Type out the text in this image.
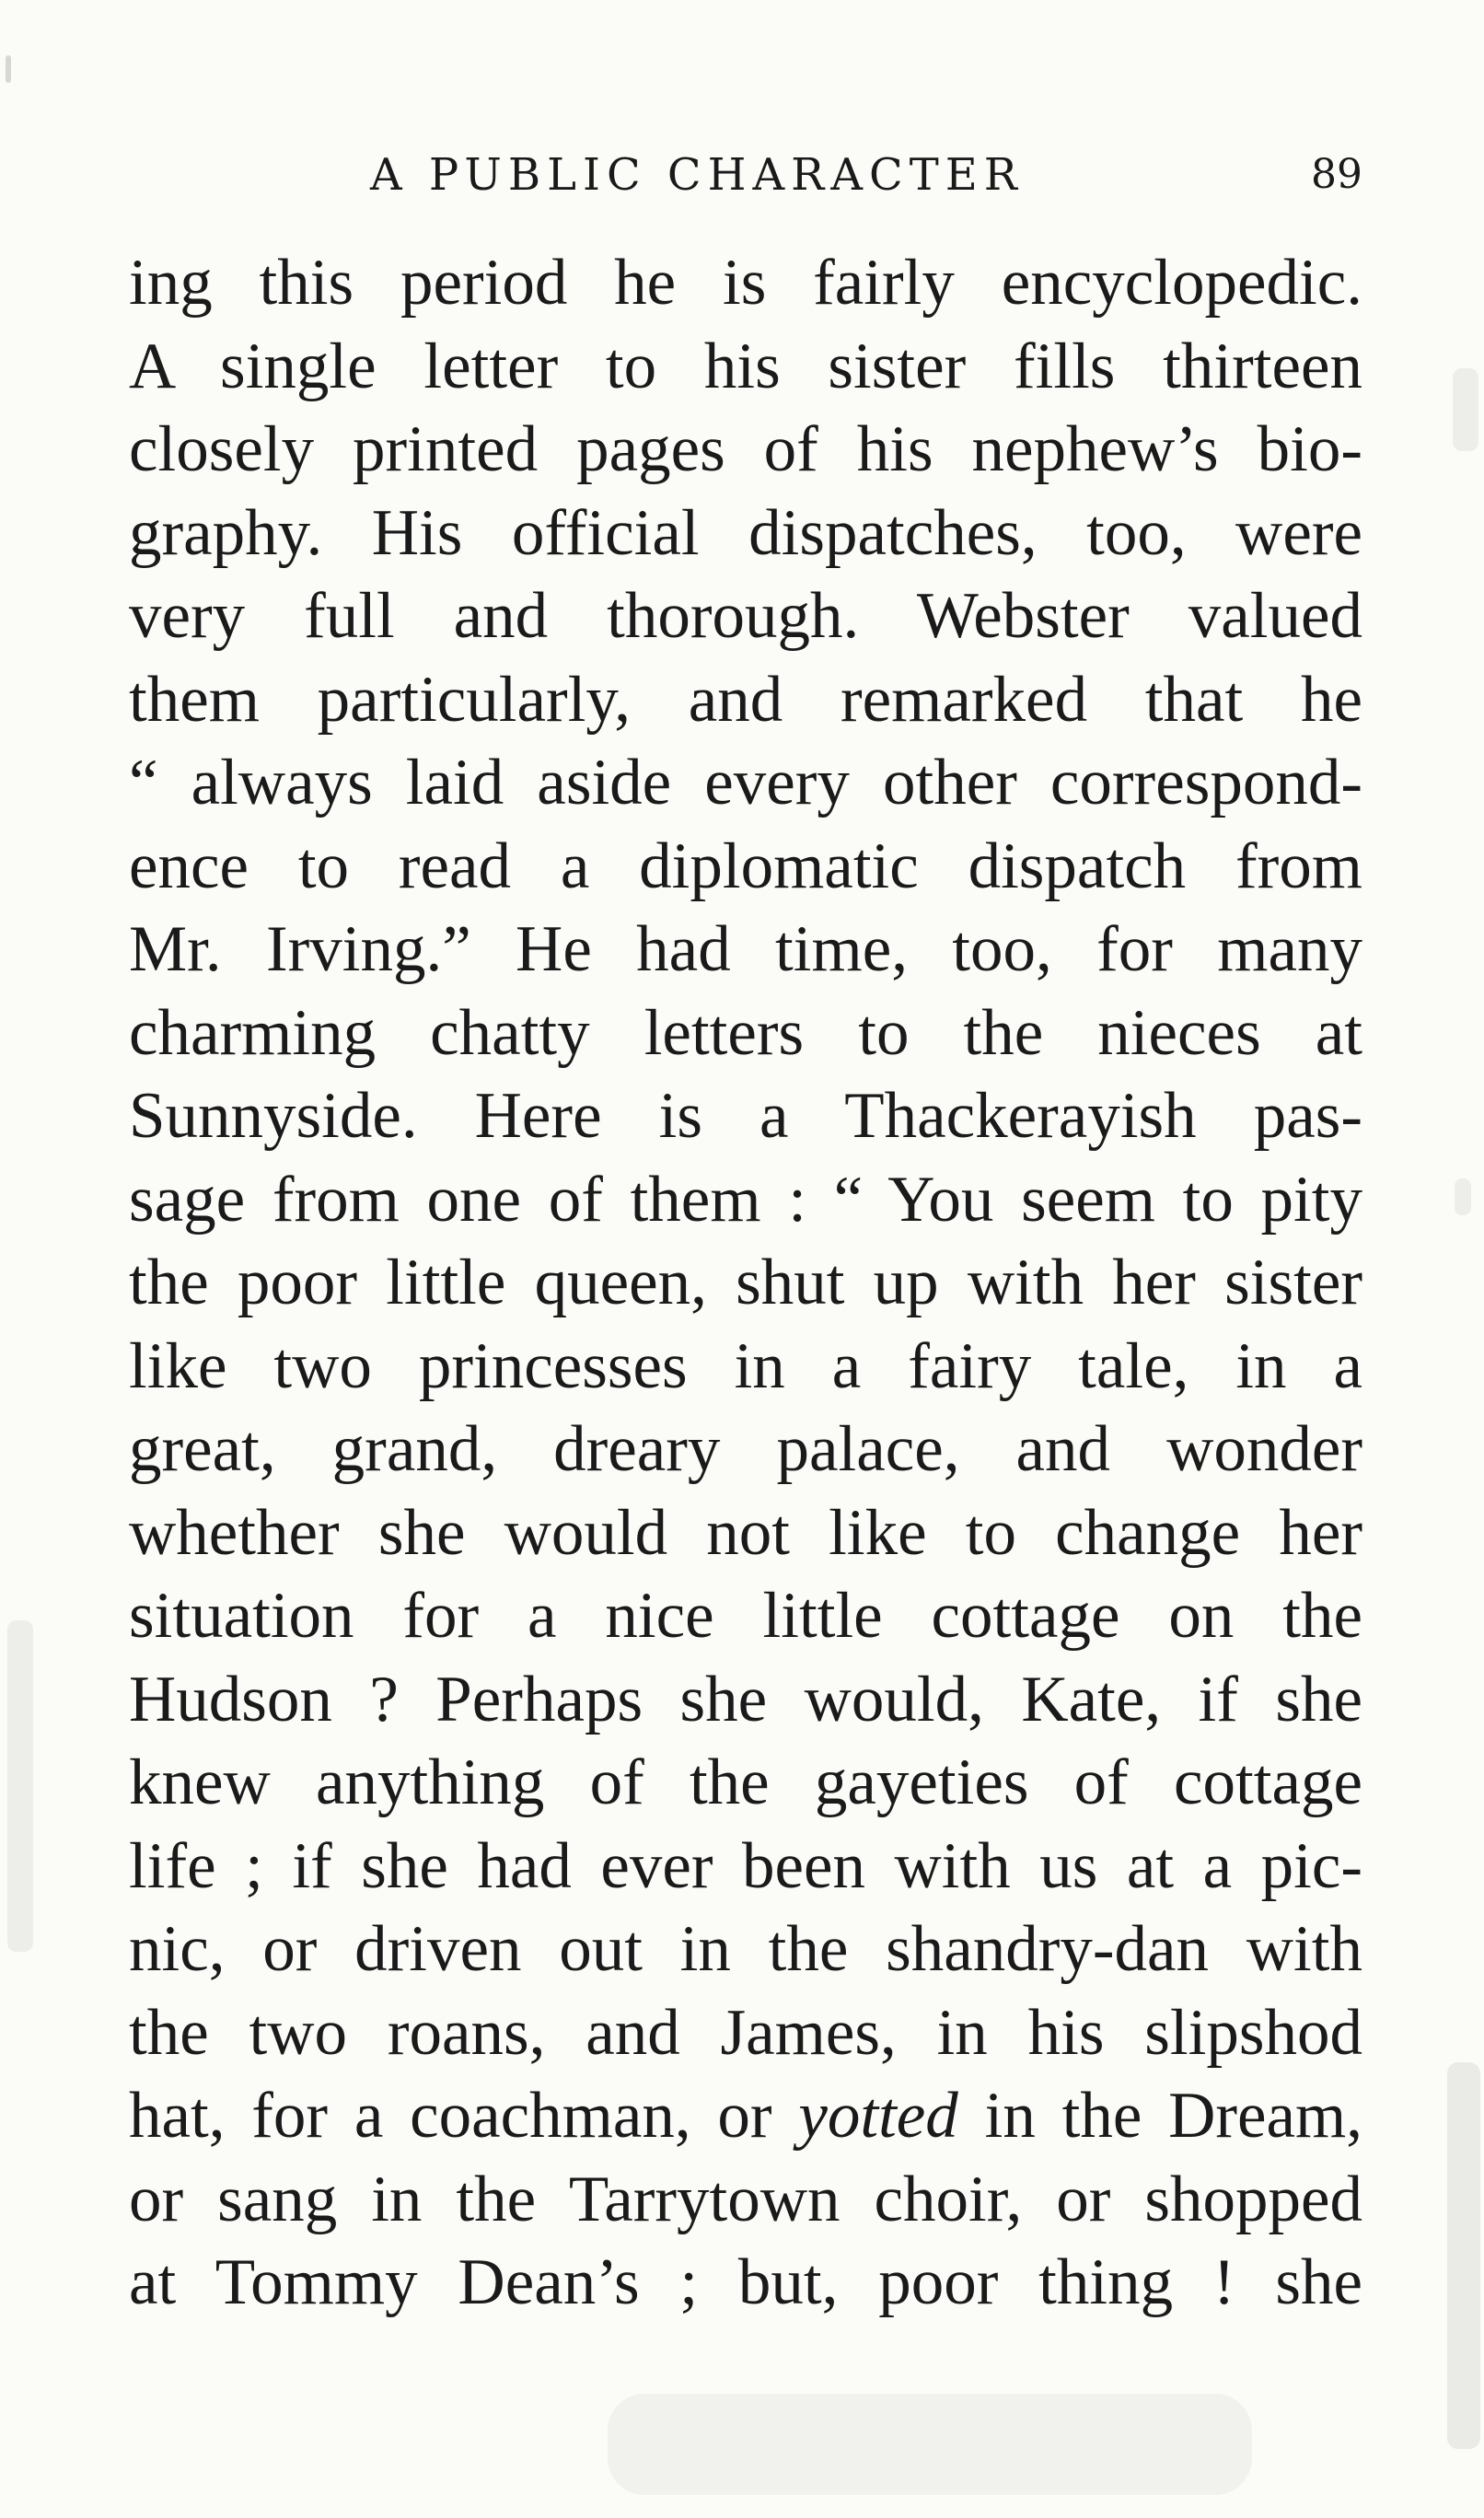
A PUBLIC CHARACTER	89
ing this period he is fairly encyclopedic.
A single letter to his sister fills thirteen
closely printed pages of his nephew’s bio-
graphy. His official dispatches, too, were
very full and thorough. Webster valued
them particularly, and remarked that he
“ always laid aside every other correspond-
ence to read a diplomatic dispatch from
Mr. Irving.” He had time, too, for many
charming chatty letters to the nieces at
Sunnyside. Here is a Thackerayish pas-
sage from one of them : “ You seem to pity
the poor little queen, shut up with her sister
like two princesses in a fairy tale, in a
great, grand, dreary palace, and wonder
whether she would not like to change her
situation for a nice little cottage on the
Hudson ? Perhaps she would, Kate, if she
knew anything of the gayeties of cottage
life ; if she had ever been with us at a pic-
nic, or driven out in the shandry-dan with
the two roans, and James, in his slipshod
hat, for a coachman, or yotted in the Dream,
or sang in the Tarrytown choir, or shopped
at Tommy Dean’s ; but, poor thing ! she
